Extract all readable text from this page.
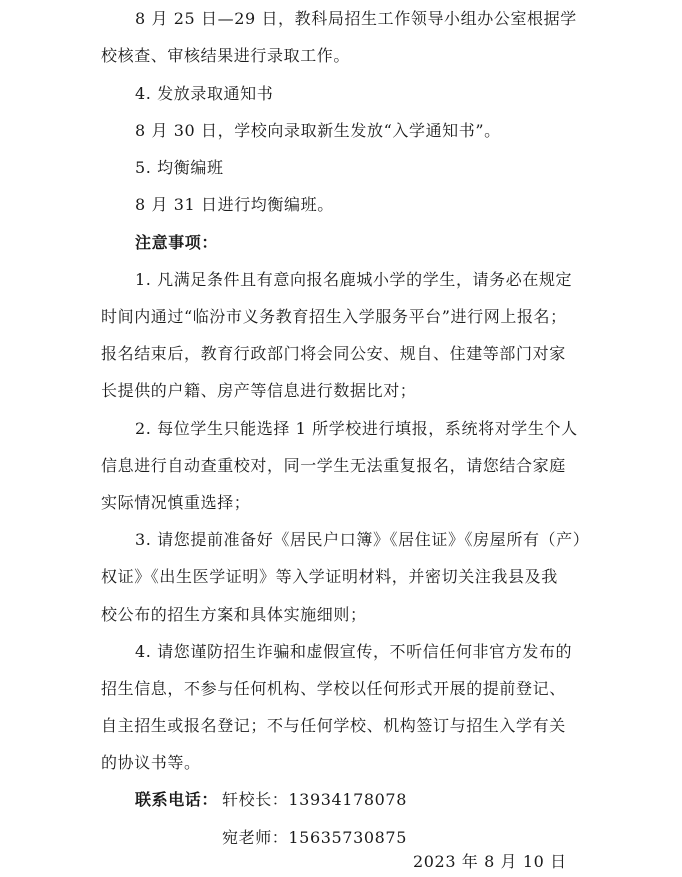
8 月 25 日—29 日，教科局招生工作领导小组办公室根据学
校核查、审核结果进行录取工作。
4. 发放录取通知书
8 月 30 日，学校向录取新生发放“入学通知书”。
5. 均衡编班
8 月 31 日进行均衡编班。
注意事项：
1. 凡满足条件且有意向报名鹿城小学的学生，请务必在规定
时间内通过“临汾市义务教育招生入学服务平台”进行网上报名；
报名结束后，教育行政部门将会同公安、规自、住建等部门对家
长提供的户籍、房产等信息进行数据比对；
2. 每位学生只能选择 1 所学校进行填报，系统将对学生个人
信息进行自动查重校对，同一学生无法重复报名，请您结合家庭
实际情况慎重选择；
3. 请您提前准备好《居民户口簿》《居住证》《房屋所有（产）
权证》《出生医学证明》等入学证明材料，并密切关注我县及我
校公布的招生方案和具体实施细则；
4. 请您谨防招生诈骗和虚假宣传，不听信任何非官方发布的
招生信息，不参与任何机构、学校以任何形式开展的提前登记、
自主招生或报名登记；不与任何学校、机构签订与招生入学有关
的协议书等。
联系电话： 轩校长：13934178078
宛老师：15635730875
2023 年 8 月 10 日
